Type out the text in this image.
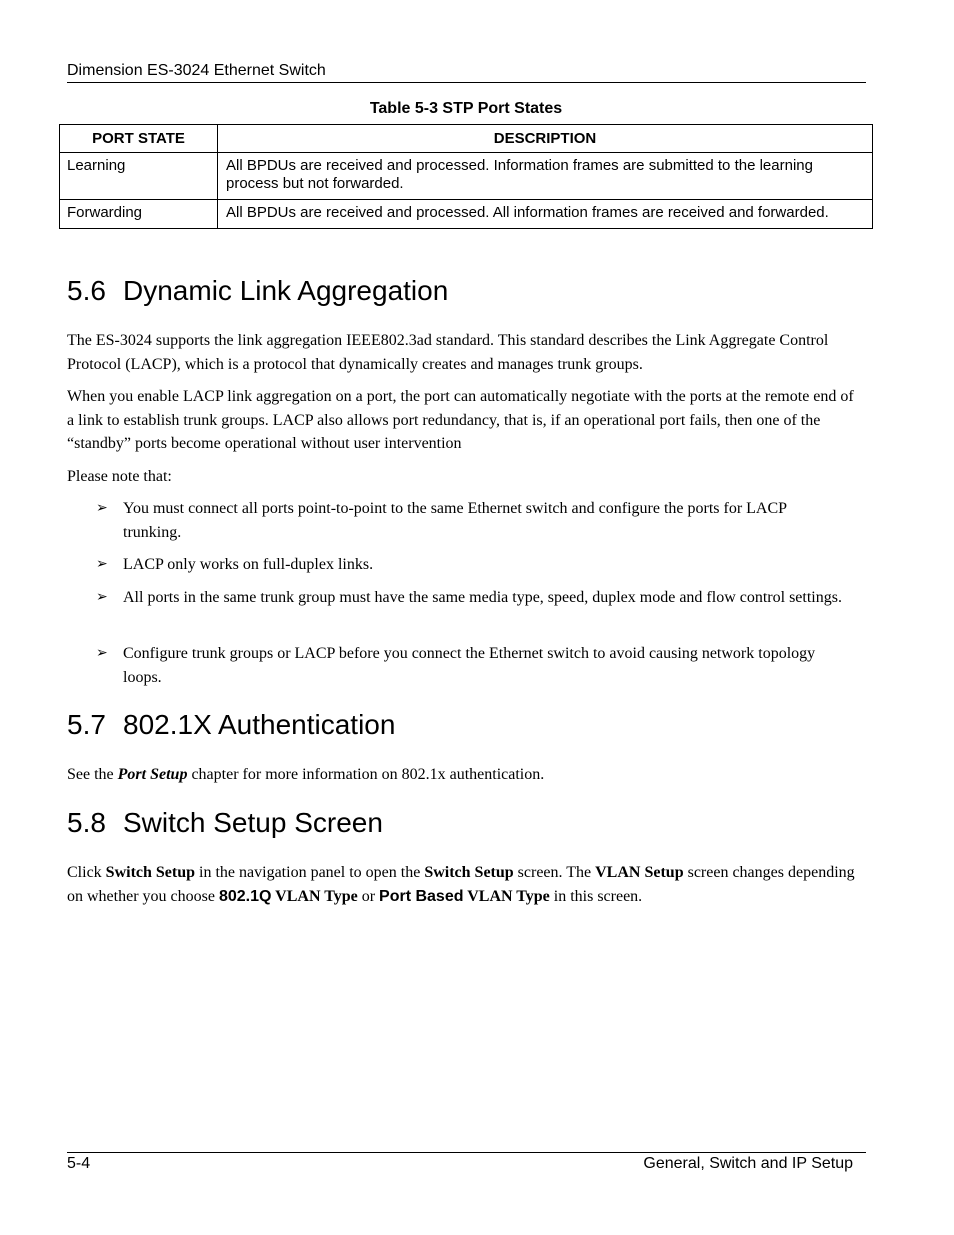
Dimension ES-3024 Ethernet Switch
Table 5-3 STP Port States
PORT STATE	DESCRIPTION
Learning	All BPDUs are received and processed. Information frames are submitted to the learning process but not forwarded.
Forwarding	All BPDUs are received and processed. All information frames are received and forwarded.
5.6 Dynamic Link Aggregation

The ES-3024 supports the link aggregation IEEE802.3ad standard. This standard describes the Link Aggregate Control Protocol (LACP), which is a protocol that dynamically creates and manages trunk groups.

When you enable LACP link aggregation on a port, the port can automatically negotiate with the ports at the remote end of a link to establish trunk groups. LACP also allows port redundancy, that is, if an operational port fails, then one of the “standby” ports become operational without user intervention

Please note that:

➢ You must connect all ports point-to-point to the same Ethernet switch and configure the ports for LACP trunking.
➢ LACP only works on full-duplex links.
➢ All ports in the same trunk group must have the same media type, speed, duplex mode and flow control settings.
➢ Configure trunk groups or LACP before you connect the Ethernet switch to avoid causing network topology loops.
5.7 802.1X Authentication

See the Port Setup chapter for more information on 802.1x authentication.

5.8 Switch Setup Screen

Click Switch Setup in the navigation panel to open the Switch Setup screen. The VLAN Setup screen changes depending on whether you choose 802.1Q VLAN Type or Port Based VLAN Type in this screen.

5-4	General, Switch and IP Setup
